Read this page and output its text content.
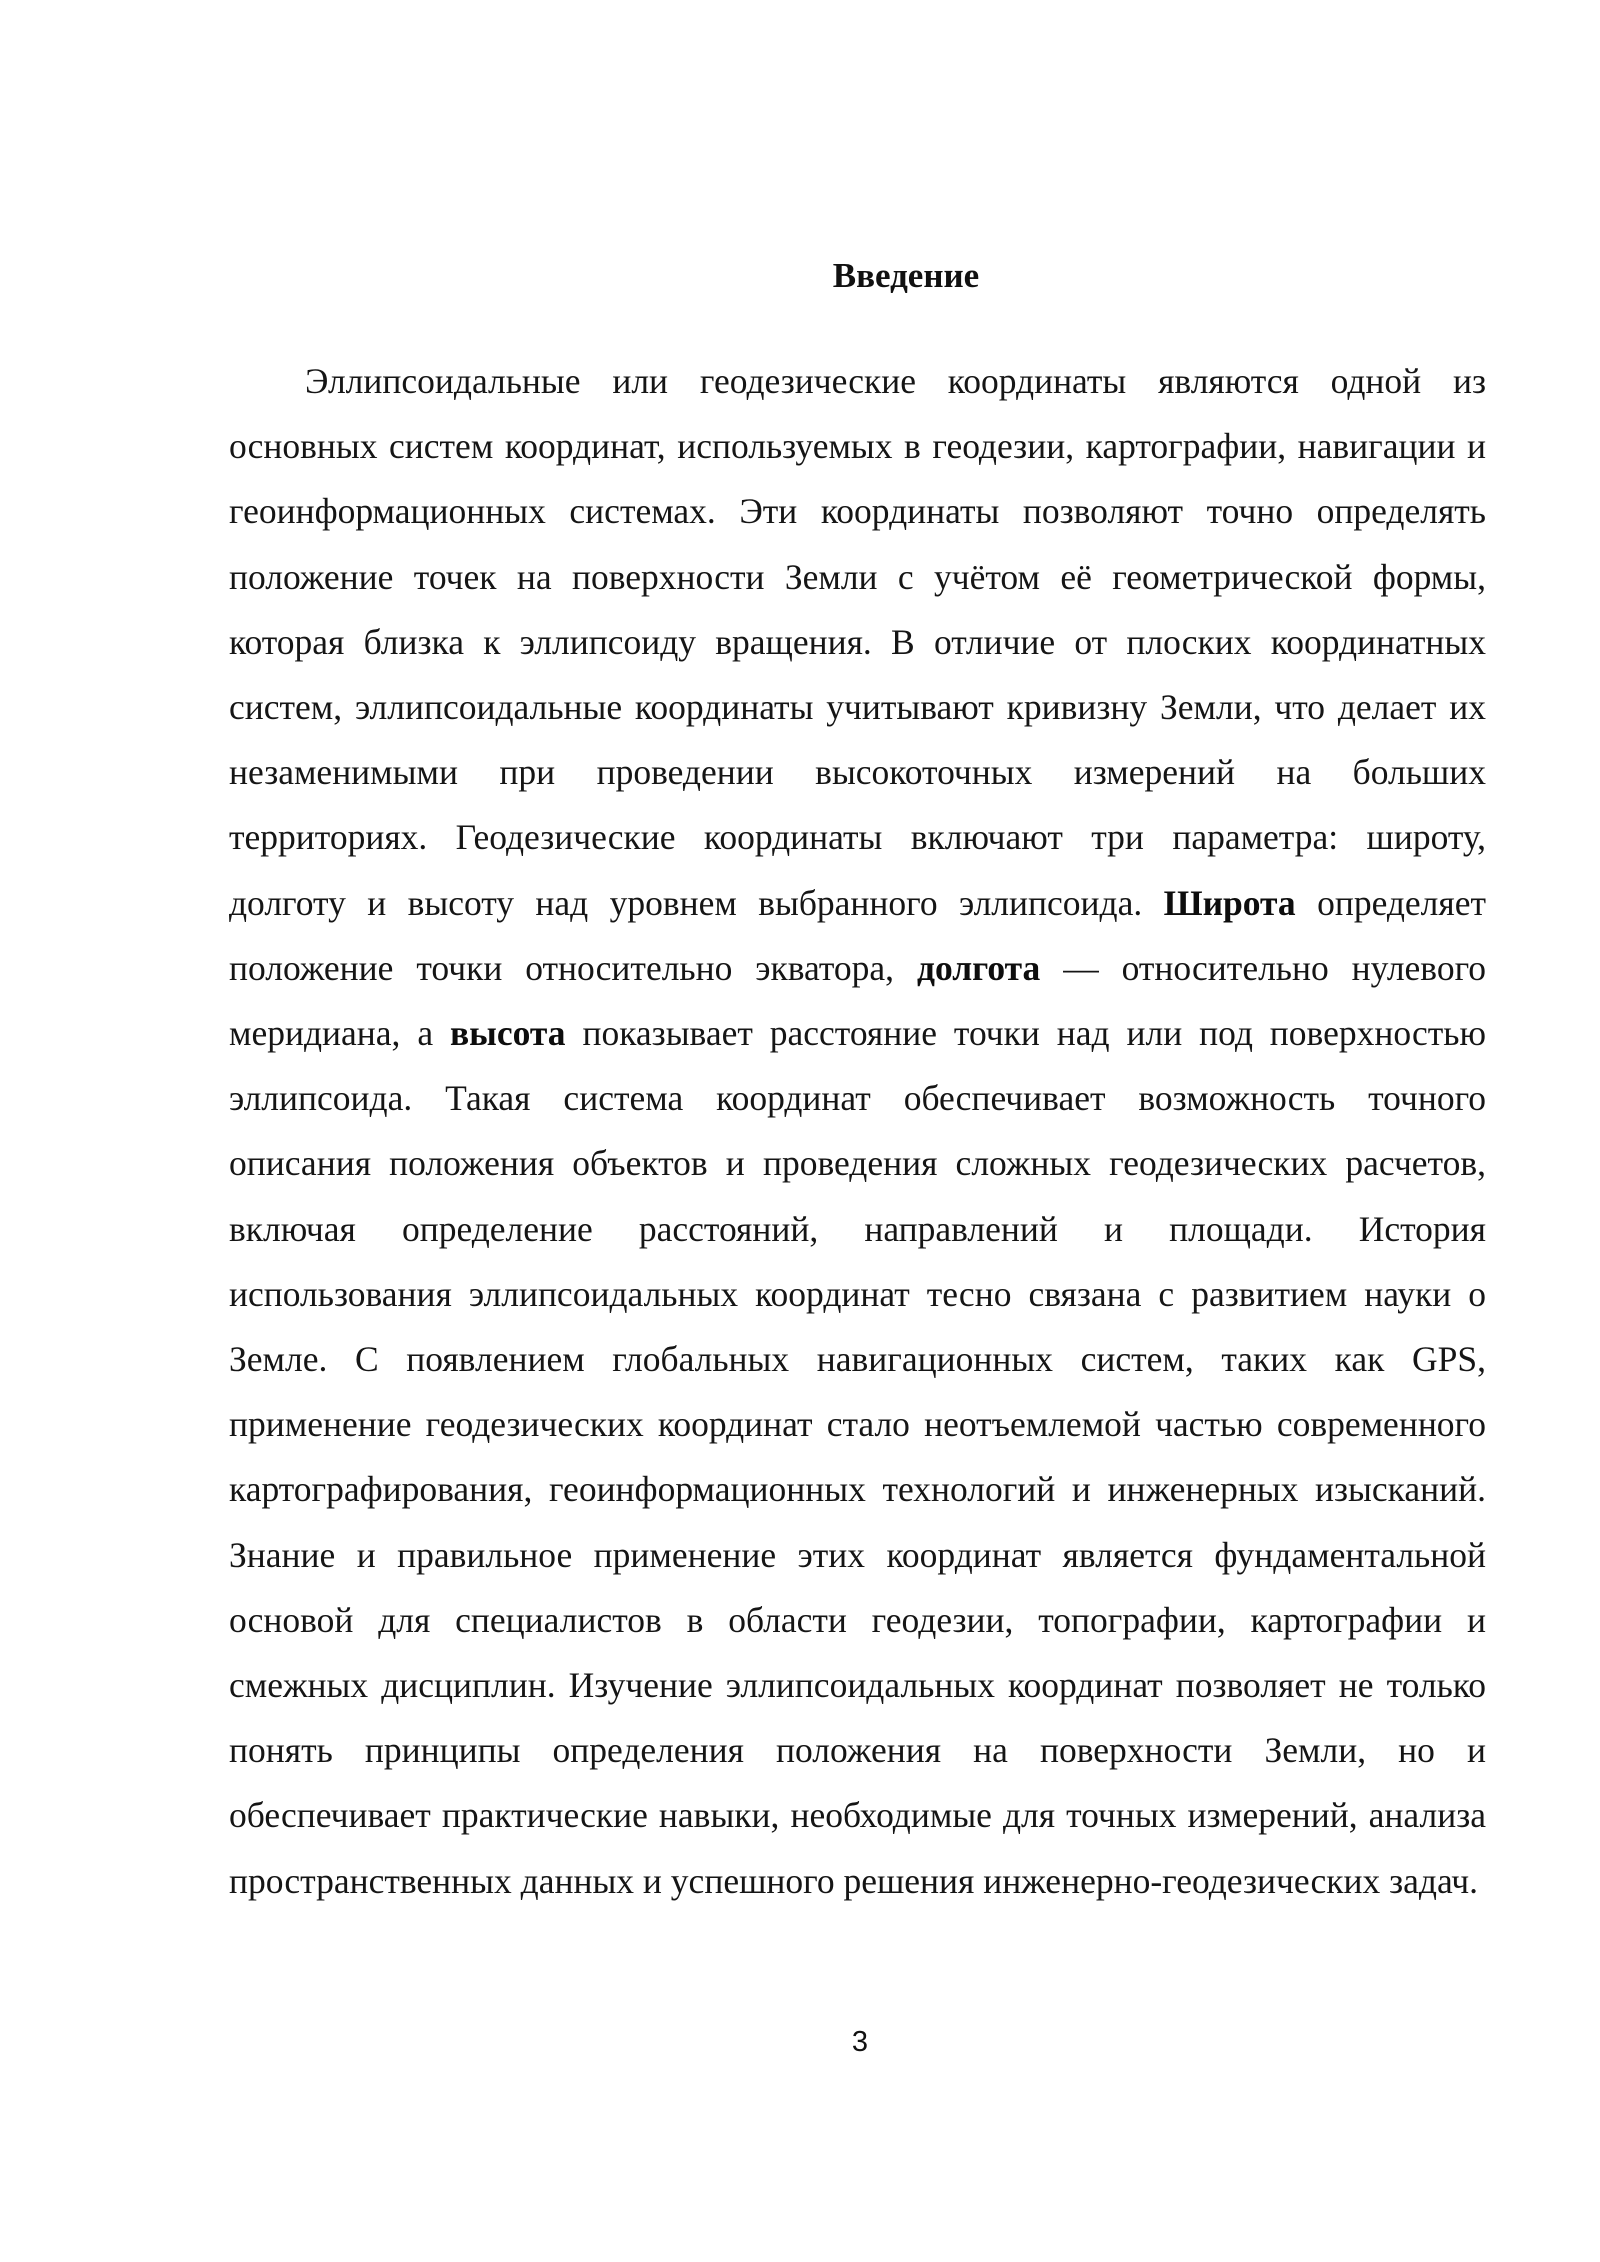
Введение

Эллипсоидальные или геодезические координаты являются одной из основных систем координат, используемых в геодезии, картографии, навигации и геоинформационных системах. Эти координаты позволяют точно определять положение точек на поверхности Земли с учётом её геометрической формы, которая близка к эллипсоиду вращения. В отличие от плоских координатных систем, эллипсоидальные координаты учитывают кривизну Земли, что делает их незаменимыми при проведении высокоточных измерений на больших территориях. Геодезические координаты включают три параметра: широту, долготу и высоту над уровнем выбранного эллипсоида. Широта определяет положение точки относительно экватора, долгота — относительно нулевого меридиана, а высота показывает расстояние точки над или под поверхностью эллипсоида. Такая система координат обеспечивает возможность точного описания положения объектов и проведения сложных геодезических расчетов, включая определение расстояний, направлений и площади. История использования эллипсоидальных координат тесно связана с развитием науки о Земле. С появлением глобальных навигационных систем, таких как GPS, применение геодезических координат стало неотъемлемой частью современного картографирования, геоинформационных технологий и инженерных изысканий. Знание и правильное применение этих координат является фундаментальной основой для специалистов в области геодезии, топографии, картографии и смежных дисциплин. Изучение эллипсоидальных координат позволяет не только понять принципы определения положения на поверхности Земли, но и обеспечивает практические навыки, необходимые для точных измерений, анализа пространственных данных и успешного решения инженерно-геодезических задач.

3
